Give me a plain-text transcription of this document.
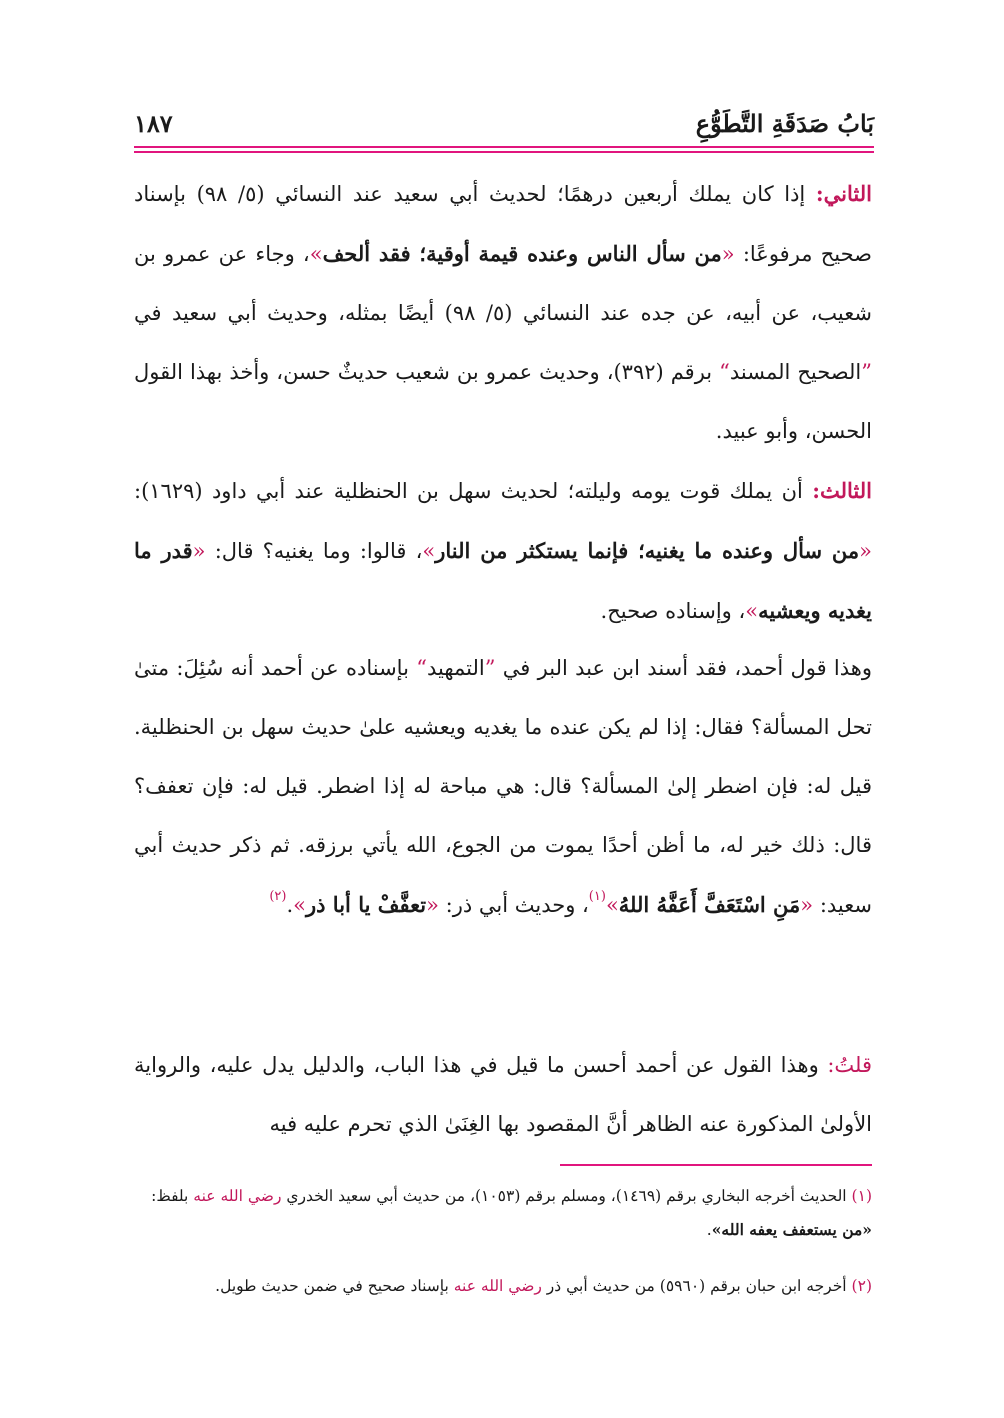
١٨٧	بَابُ صَدَقَةِ التَّطَوُّعِ

الثاني: إذا كان يملك أربعين درهمًا؛ لحديث أبي سعيد عند النسائي (٥/ ٩٨) بإسناد صحيح مرفوعًا: «من سأل الناس وعنده قيمة أوقية؛ فقد ألحف»، وجاء عن عمرو بن شعيب، عن أبيه، عن جده عند النسائي (٥/ ٩٨) أيضًا بمثله، وحديث أبي سعيد في ”الصحيح المسند“ برقم (٣٩٢)، وحديث عمرو بن شعيب حديثٌ حسن، وأخذ بهذا القول الحسن، وأبو عبيد.

الثالث: أن يملك قوت يومه وليلته؛ لحديث سهل بن الحنظلية عند أبي داود (١٦٢٩): «من سأل وعنده ما يغنيه؛ فإنما يستكثر من النار»، قالوا: وما يغنيه؟ قال: «قدر ما يغديه ويعشيه»، وإسناده صحيح.

وهذا قول أحمد، فقد أسند ابن عبد البر في ”التمهيد“ بإسناده عن أحمد أنه سُئِلَ: متىٰ تحل المسألة؟ فقال: إذا لم يكن عنده ما يغديه ويعشيه علىٰ حديث سهل بن الحنظلية. قيل له: فإن اضطر إلىٰ المسألة؟ قال: هي مباحة له إذا اضطر. قيل له: فإن تعفف؟ قال: ذلك خير له، ما أظن أحدًا يموت من الجوع، الله يأتي برزقه. ثم ذكر حديث أبي سعيد: «مَنِ اسْتَعَفَّ أَعَفَّهُ اللهُ»$^{(١)}$، وحديث أبي ذر: «تعفَّفْ يا أبا ذر».$^{(٢)}$

قلتُ: وهذا القول عن أحمد أحسن ما قيل في هذا الباب، والدليل يدل عليه، والرواية الأولىٰ المذكورة عنه الظاهر أنَّ المقصود بها الغِنَىٰ الذي تحرم عليه فيه

(١) الحديث أخرجه البخاري برقم (١٤٦٩)، ومسلم برقم (١٠٥٣)، من حديث أبي سعيد الخدري رضي الله عنه بلفظ: «من يستعفف يعفه الله».

(٢) أخرجه ابن حبان برقم (٥٩٦٠) من حديث أبي ذر رضي الله عنه بإسناد صحيح في ضمن حديث طويل.
